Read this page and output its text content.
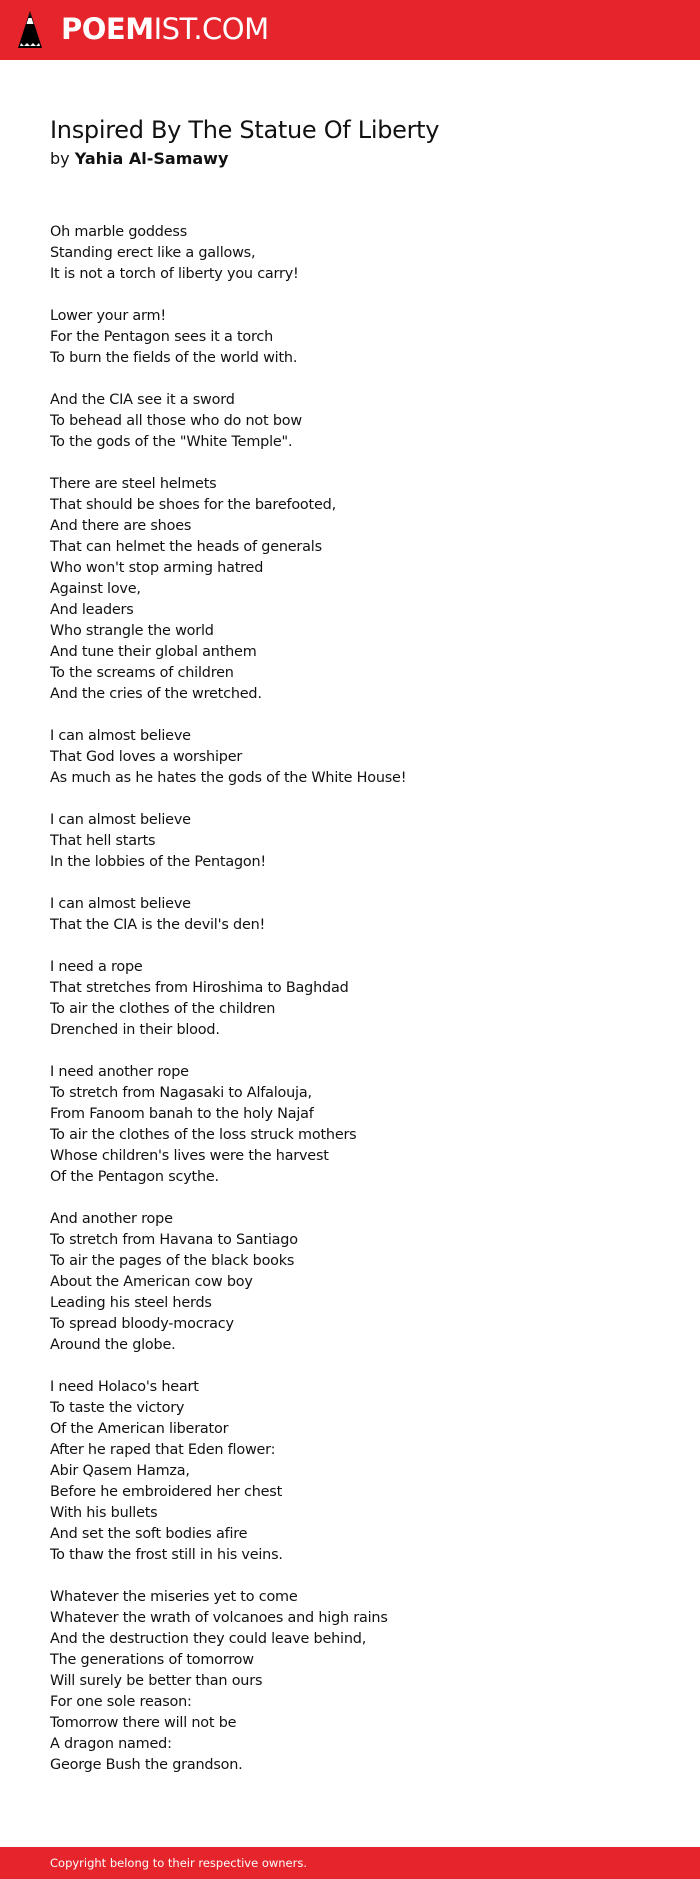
POEMIST.COM
Inspired By The Statue Of Liberty

by Yahia Al-Samawy

Oh marble goddess
Standing erect like a gallows,
It is not a torch of liberty you carry!
Lower your arm!
For the Pentagon sees it a torch
To burn the fields of the world with.
And the CIA see it a sword
To behead all those who do not bow
To the gods of the "White Temple".
There are steel helmets
That should be shoes for the barefooted,
And there are shoes
That can helmet the heads of generals
Who won't stop arming hatred
Against love,
And leaders
Who strangle the world
And tune their global anthem
To the screams of children
And the cries of the wretched.
I can almost believe
That God loves a worshiper
As much as he hates the gods of the White House!
I can almost believe
That hell starts
In the lobbies of the Pentagon!
I can almost believe
That the CIA is the devil's den!
I need a rope
That stretches from Hiroshima to Baghdad
To air the clothes of the children
Drenched in their blood.
I need another rope
To stretch from Nagasaki to Alfalouja,
From Fanoom banah to the holy Najaf
To air the clothes of the loss struck mothers
Whose children's lives were the harvest
Of the Pentagon scythe.
And another rope
To stretch from Havana to Santiago
To air the pages of the black books
About the American cow boy
Leading his steel herds
To spread bloody-mocracy
Around the globe.
I need Holaco's heart
To taste the victory
Of the American liberator
After he raped that Eden flower:
Abir Qasem Hamza,
Before he embroidered her chest
With his bullets
And set the soft bodies afire
To thaw the frost still in his veins.
Whatever the miseries yet to come
Whatever the wrath of volcanoes and high rains
And the destruction they could leave behind,
The generations of tomorrow
Will surely be better than ours
For one sole reason:
Tomorrow there will not be
A dragon named:
George Bush the grandson.
Copyright belong to their respective owners.
